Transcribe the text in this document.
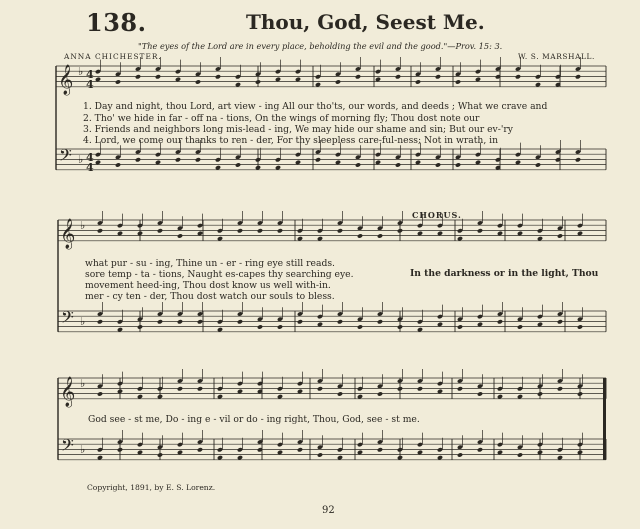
𝄞
𝄢
♭
♭
𝄞
𝄢
♭
♭
𝄞
𝄢
♭
♭
4
4
4
4
138.	Thou, God, Seest Me.
"The eyes of the Lord are in every place, beholding the evil and the good."—Prov. 15: 3.
ANNA CHICHESTER.	W. S. MARSHALL.
1. Day and night, thou Lord, art view - ing All our tho'ts, our words, and deeds ; What we crave and
2. Tho' we hide in far - off na - tions, On the wings of morning fly; Thou dost note our
3. Friends and neighbors long mis-lead - ing, We may hide our shame and sin; But our ev-'ry
4. Lord, we come our thanks to ren - der, For thy sleepless care-ful-ness; Not in wrath, in
CHORUS.
what pur - su - ing, Thine un - er - ring eye still reads.
sore temp - ta - tions, Naught es-capes thy searching eye.
movement heed-ing, Thou dost know us well with-in.
mer - cy ten - der, Thou dost watch our souls to bless.
In the darkness or in the light, Thou
God see - st me, Do - ing e - vil or do - ing right, Thou, God, see - st me.
Copyright, 1891, by E. S. Lorenz.
92
